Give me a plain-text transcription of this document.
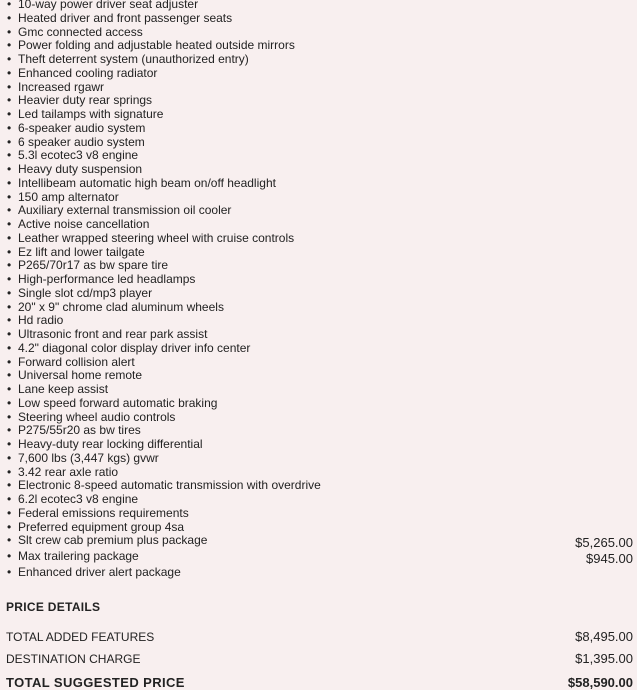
• 10-way power driver seat adjuster
• Heated driver and front passenger seats
• Gmc connected access
• Power folding and adjustable heated outside mirrors
• Theft deterrent system (unauthorized entry)
• Enhanced cooling radiator
• Increased rgawr
• Heavier duty rear springs
• Led tailamps with signature
• 6-speaker audio system
• 6 speaker audio system
• 5.3l ecotec3 v8 engine
• Heavy duty suspension
• Intellibeam automatic high beam on/off headlight
• 150 amp alternator
• Auxiliary external transmission oil cooler
• Active noise cancellation
• Leather wrapped steering wheel with cruise controls
• Ez lift and lower tailgate
• P265/70r17 as bw spare tire
• High-performance led headlamps
• Single slot cd/mp3 player
• 20" x 9" chrome clad aluminum wheels
• Hd radio
• Ultrasonic front and rear park assist
• 4.2" diagonal color display driver info center
• Forward collision alert
• Universal home remote
• Lane keep assist
• Low speed forward automatic braking
• Steering wheel audio controls
• P275/55r20 as bw tires
• Heavy-duty rear locking differential
• 7,600 lbs (3,447 kgs) gvwr
• 3.42 rear axle ratio
• Electronic 8-speed automatic transmission with overdrive
• 6.2l ecotec3 v8 engine
• Federal emissions requirements
• Preferred equipment group 4sa
• Slt crew cab premium plus package	$5,265.00
• Max trailering package	$945.00
• Enhanced driver alert package
PRICE DETAILS
TOTAL ADDED FEATURES	$8,495.00
DESTINATION CHARGE	$1,395.00
TOTAL SUGGESTED PRICE	$58,590.00
